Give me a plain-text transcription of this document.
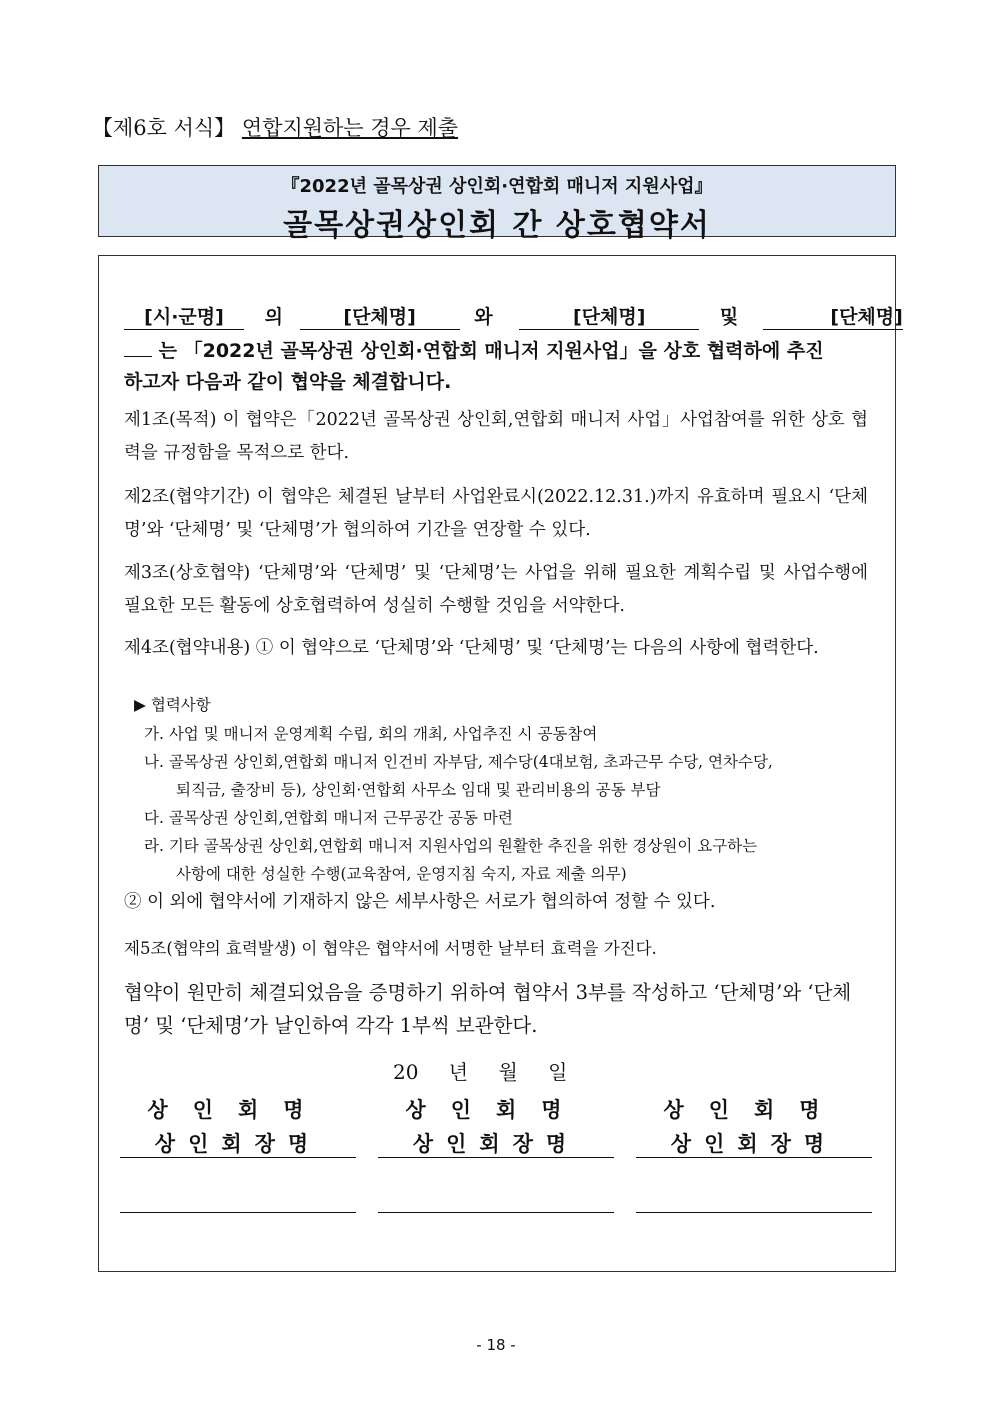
【제6호 서식】 연합지원하는 경우 제출
『2022년 골목상권 상인회·연합회 매니저 지원사업』
골목상권상인회 간 상호협약서
[시·군명] 의	[단체명]	와	[단체명]	및	[단체명]
는 「2022년 골목상권 상인회·연합회 매니저 지원사업」을 상호 협력하에 추진
하고자 다음과 같이 협약을 체결합니다.
제1조(목적) 이 협약은「2022년 골목상권 상인회,연합회 매니저 사업」사업참여를 위한 상호 협력을 규정함을 목적으로 한다.
제2조(협약기간) 이 협약은 체결된 날부터 사업완료시(2022.12.31.)까지 유효하며 필요시 ‘단체명’와 ‘단체명’ 및 ‘단체명’가 협의하여 기간을 연장할 수 있다.
제3조(상호협약) ‘단체명’와 ‘단체명’ 및 ‘단체명’는 사업을 위해 필요한 계획수립 및 사업수행에 필요한 모든 활동에 상호협력하여 성실히 수행할 것임을 서약한다.
제4조(협약내용) ① 이 협약으로 ‘단체명’와 ‘단체명’ 및 ‘단체명’는 다음의 사항에 협력한다.
▶ 협력사항
가. 사업 및 매니저 운영계획 수립, 회의 개최, 사업추진 시 공동참여
나. 골목상권 상인회,연합회 매니저 인건비 자부담, 제수당(4대보험, 초과근무 수당, 연차수당,
퇴직금, 출장비 등), 상인회·연합회 사무소 임대 및 관리비용의 공동 부담
다. 골목상권 상인회,연합회 매니저 근무공간 공동 마련
라. 기타 골목상권 상인회,연합회 매니저 지원사업의 원활한 추진을 위한 경상원이 요구하는
사항에 대한 성실한 수행(교육참여, 운영지침 숙지, 자료 제출 의무)
② 이 외에 협약서에 기재하지 않은 세부사항은 서로가 협의하여 정할 수 있다.
제5조(협약의 효력발생) 이 협약은 협약서에 서명한 날부터 효력을 가진다.
협약이 원만히 체결되었음을 증명하기 위하여 협약서 3부를 작성하고 ‘단체명’와 ‘단체명’ 및 ‘단체명’가 날인하여 각각 1부씩 보관한다.
20 년 월 일
상인회명
상인회장명
상인회명
상인회장명
상인회명
상인회장명
- 18 -
